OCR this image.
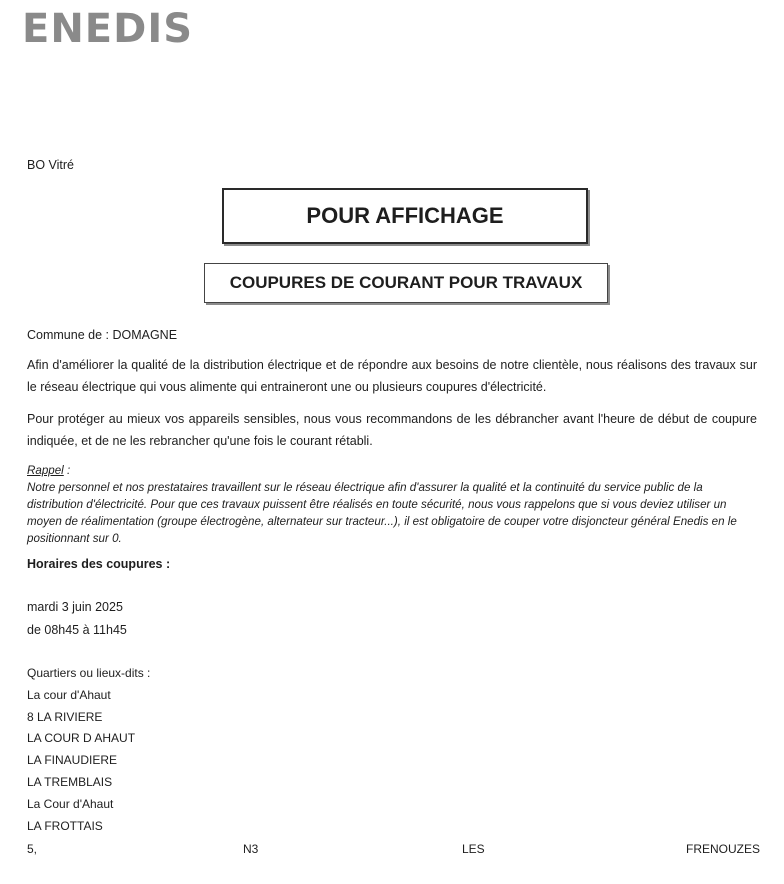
ENEDIS
BO Vitré
POUR AFFICHAGE
COUPURES DE COURANT POUR TRAVAUX
Commune de : DOMAGNE
Afin d'améliorer la qualité de la distribution électrique et de répondre aux besoins de notre clientèle, nous réalisons des travaux sur le réseau électrique qui vous alimente qui entraineront une ou plusieurs coupures d'électricité.
Pour protéger au mieux vos appareils sensibles, nous vous recommandons de les débrancher avant l'heure de début de coupure indiquée, et de ne les rebrancher qu'une fois le courant rétabli.
Rappel :
Notre personnel et nos prestataires travaillent sur le réseau électrique afin d'assurer la qualité et la continuité du service public de la distribution d'électricité. Pour que ces travaux puissent être réalisés en toute sécurité, nous vous rappelons que si vous deviez utiliser un moyen de réalimentation (groupe électrogène, alternateur sur tracteur...), il est obligatoire de couper votre disjoncteur général Enedis en le positionnant sur 0.
Horaires des coupures :
mardi 3 juin 2025
de 08h45 à 11h45
Quartiers ou lieux-dits :
La cour d'Ahaut
8 LA RIVIERE
LA COUR D AHAUT
LA FINAUDIERE
LA TREMBLAIS
La Cour d'Ahaut
LA FROTTAIS
5,	N3	LES	FRENOUZES
